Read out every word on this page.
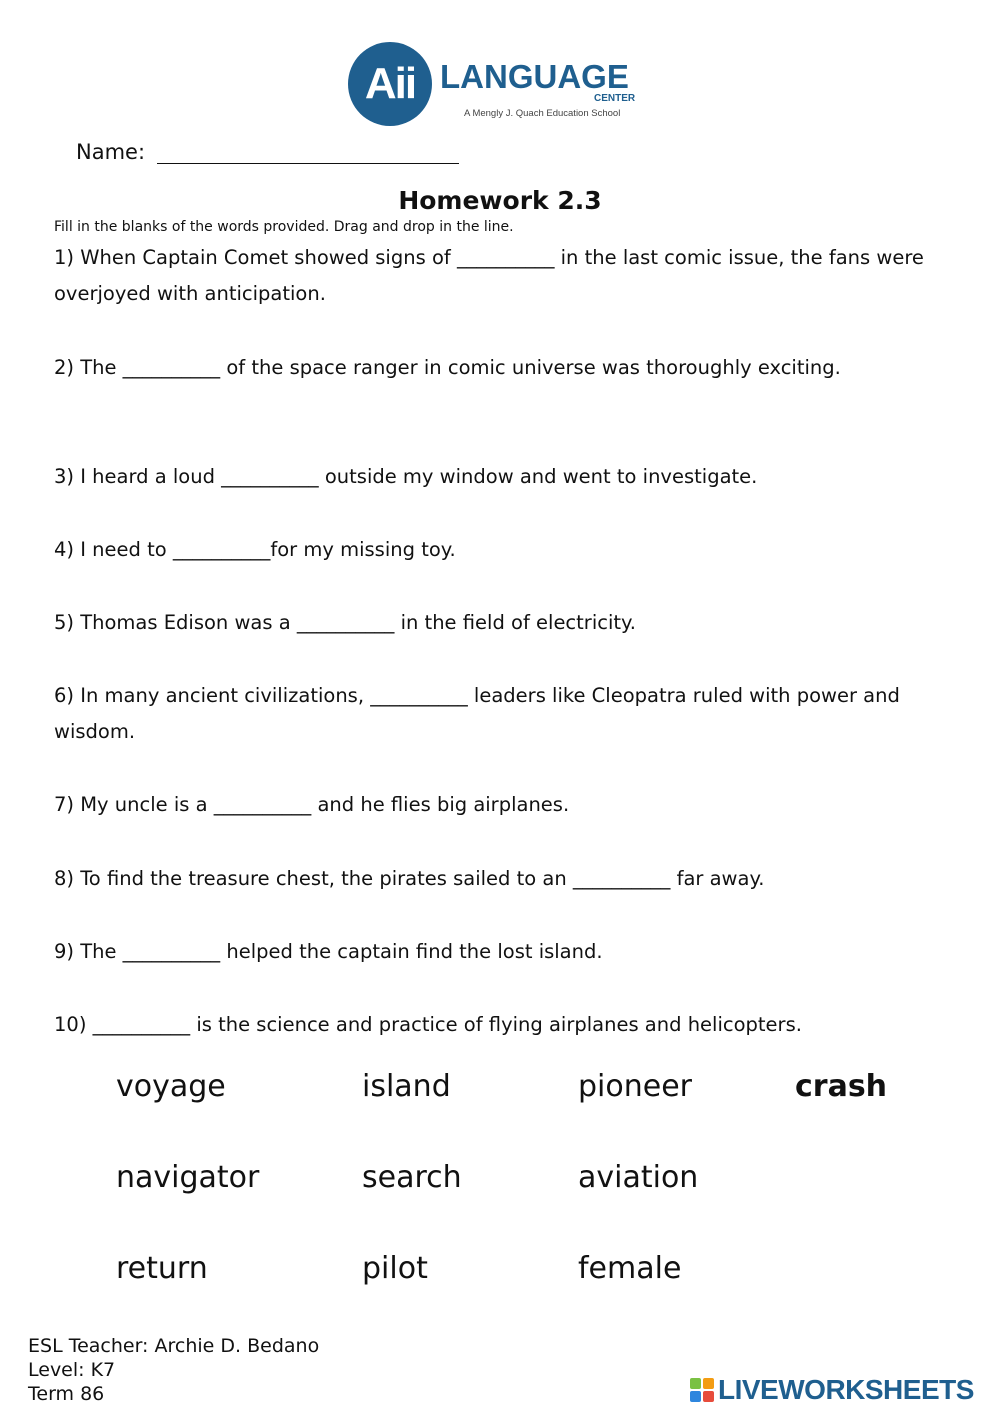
Aii LANGUAGE
CENTER
A Mengly J. Quach Education School
Name:
Homework 2.3
Fill in the blanks of the words provided. Drag and drop in the line.
1) When Captain Comet showed signs of __________ in the last comic issue, the fans were overjoyed with anticipation.
2) The __________ of the space ranger in comic universe was thoroughly exciting.
3) I heard a loud __________ outside my window and went to investigate.
4) I need to __________for my missing toy.
5) Thomas Edison was a __________ in the field of electricity.
6) In many ancient civilizations, __________ leaders like Cleopatra ruled with power and wisdom.
7) My uncle is a __________ and he flies big airplanes.
8) To find the treasure chest, the pirates sailed to an __________ far away.
9) The __________ helped the captain find the lost island.
10) __________ is the science and practice of flying airplanes and helicopters.
voyage	island	pioneer	crash
navigator	search	aviation
return	pilot	female
ESL Teacher: Archie D. Bedano
Level: K7
Term 86	LIVEWORKSHEETS
